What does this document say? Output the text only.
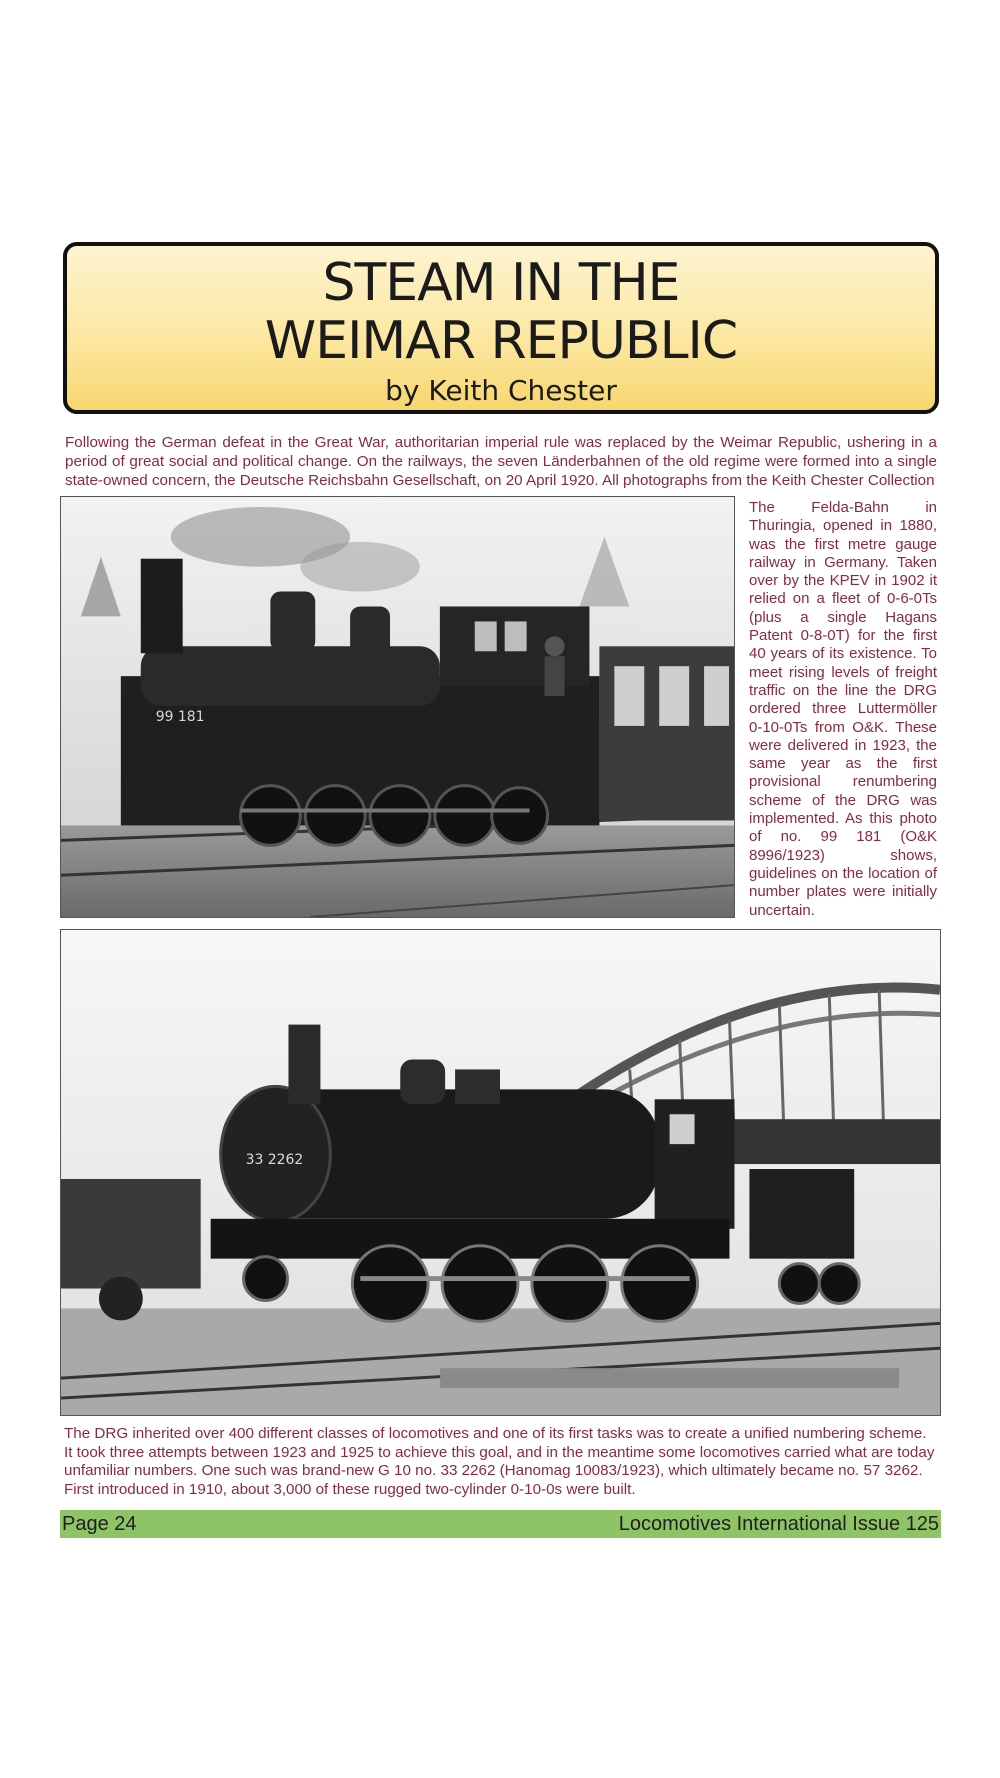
STEAM IN THE
WEIMAR REPUBLIC
by Keith Chester
Following the German defeat in the Great War, authoritarian imperial rule was replaced by the Weimar Republic, ushering in a period of great social and political change. On the railways, the seven Länderbahnen of the old regime were formed into a single state-owned concern, the Deutsche Reichsbahn Gesellschaft, on 20 April 1920. All photographs from the Keith Chester Collection
99 181
The Felda-Bahn in Thuringia, opened in 1880, was the first metre gauge railway in Germany. Taken over by the KPEV in 1902 it relied on a fleet of 0-6-0Ts (plus a single Hagans Patent 0-8-0T) for the first 40 years of its existence. To meet rising levels of freight traffic on the line the DRG ordered three Luttermöller 0-10-0Ts from O&K. These were delivered in 1923, the same year as the first provisional renumbering scheme of the DRG was implemented. As this photo of no. 99 181 (O&K 8996/1923) shows, guidelines on the location of number plates were initially uncertain.
33 2262
The DRG inherited over 400 different classes of locomotives and one of its first tasks was to create a unified numbering scheme. It took three attempts between 1923 and 1925 to achieve this goal, and in the meantime some locomotives carried what are today unfamiliar numbers. One such was brand-new G 10 no. 33 2262 (Hanomag 10083/1923), which ultimately became no. 57 3262. First introduced in 1910, about 3,000 of these rugged two-cylinder 0-10-0s were built.
Page 24	Locomotives International Issue 125
